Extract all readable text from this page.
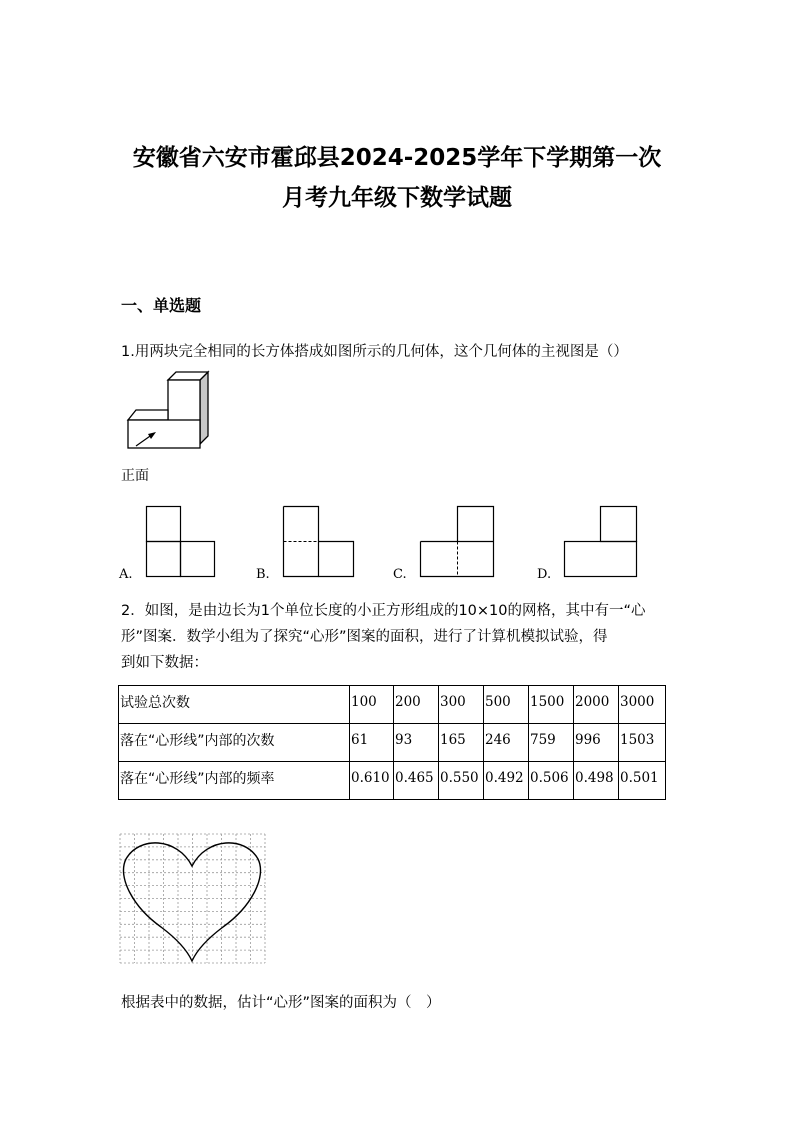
安徽省六安市霍邱县2024-2025学年下学期第一次
月考九年级下数学试题
一、单选题
1.用两块完全相同的长方体搭成如图所示的几何体，这个几何体的主视图是（）
正面
A.	B.	C.	D.
2．如图，是由边长为1个单位长度的小正方形组成的10×10的网格，其中有一“心
形”图案．数学小组为了探究“心形”图案的面积，进行了计算机模拟试验，得
到如下数据：
试验总次数	100	200	300	500	1500	2000	3000
落在“心形线”内部的次数	61	93	165	246	759	996	1503
落在“心形线”内部的频率	0.610	0.465	0.550	0.492	0.506	0.498	0.501
根据表中的数据，估计“心形”图案的面积为（　）
